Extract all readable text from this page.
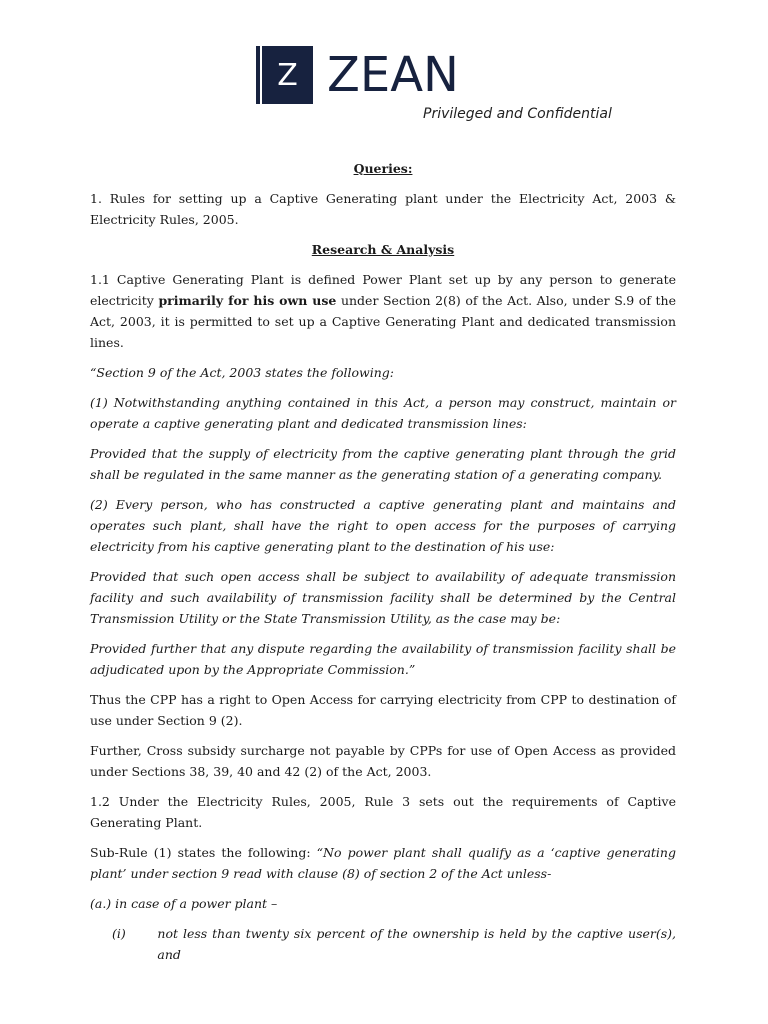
Z ZEAN
Privileged and Confidential

Queries:

1. Rules for setting up a Captive Generating plant under the Electricity Act, 2003 & Electricity Rules, 2005.

Research & Analysis

1.1 Captive Generating Plant is defined Power Plant set up by any person to generate electricity primarily for his own use under Section 2(8) of the Act. Also, under S.9 of the Act, 2003, it is permitted to set up a Captive Generating Plant and dedicated transmission lines.

“Section 9 of the Act, 2003 states the following:

(1) Notwithstanding anything contained in this Act, a person may construct, maintain or operate a captive generating plant and dedicated transmission lines:

Provided that the supply of electricity from the captive generating plant through the grid shall be regulated in the same manner as the generating station of a generating company.

(2) Every person, who has constructed a captive generating plant and maintains and operates such plant, shall have the right to open access for the purposes of carrying electricity from his captive generating plant to the destination of his use:

Provided that such open access shall be subject to availability of adequate transmission facility and such availability of transmission facility shall be determined by the Central Transmission Utility or the State Transmission Utility, as the case may be:

Provided further that any dispute regarding the availability of transmission facility shall be adjudicated upon by the Appropriate Commission.”

Thus the CPP has a right to Open Access for carrying electricity from CPP to destination of use under Section 9 (2).

Further, Cross subsidy surcharge not payable by CPPs for use of Open Access as provided under Sections 38, 39, 40 and 42 (2) of the Act, 2003.

1.2 Under the Electricity Rules, 2005, Rule 3 sets out the requirements of Captive Generating Plant.

Sub-Rule (1) states the following: “No power plant shall qualify as a ‘captive generating plant’ under section 9 read with clause (8) of section 2 of the Act unless-

(a.) in case of a power plant –

(i)	not less than twenty six percent of the ownership is held by the captive user(s), and
